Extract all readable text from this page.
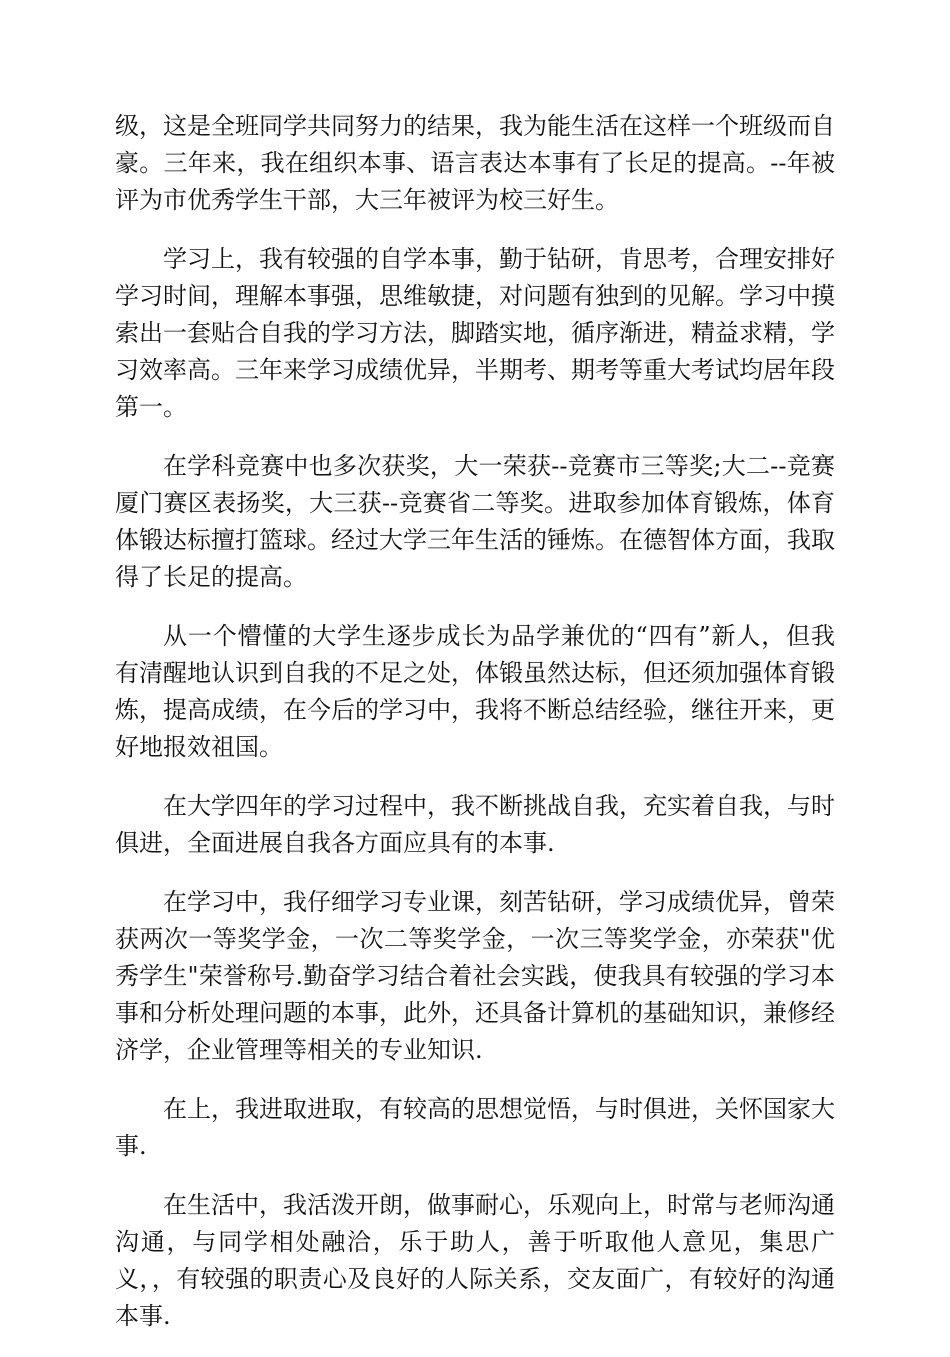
级，这是全班同学共同努力的结果，我为能生活在这样一个班级而自豪。三年来，我在组织本事、语言表达本事有了长足的提高。--年被评为市优秀学生干部，大三年被评为校三好生。

学习上，我有较强的自学本事，勤于钻研，肯思考，合理安排好学习时间，理解本事强，思维敏捷，对问题有独到的见解。学习中摸索出一套贴合自我的学习方法，脚踏实地，循序渐进，精益求精，学习效率高。三年来学习成绩优异，半期考、期考等重大考试均居年段第一。

在学科竞赛中也多次获奖，大一荣获--竞赛市三等奖;大二--竞赛厦门赛区表扬奖，大三获--竞赛省二等奖。进取参加体育锻炼，体育体锻达标擅打篮球。经过大学三年生活的锤炼。在德智体方面，我取得了长足的提高。

从一个懵懂的大学生逐步成长为品学兼优的“四有”新人，但我有清醒地认识到自我的不足之处，体锻虽然达标，但还须加强体育锻炼，提高成绩，在今后的学习中，我将不断总结经验，继往开来，更好地报效祖国。

在大学四年的学习过程中，我不断挑战自我，充实着自我，与时俱进，全面进展自我各方面应具有的本事.

在学习中，我仔细学习专业课，刻苦钻研，学习成绩优异，曾荣获两次一等奖学金，一次二等奖学金，一次三等奖学金，亦荣获"优秀学生"荣誉称号.勤奋学习结合着社会实践，使我具有较强的学习本事和分析处理问题的本事，此外，还具备计算机的基础知识，兼修经济学，企业管理等相关的专业知识.

在上，我进取进取，有较高的思想觉悟，与时俱进，关怀国家大事.

在生活中，我活泼开朗，做事耐心，乐观向上，时常与老师沟通沟通，与同学相处融洽，乐于助人，善于听取他人意见，集思广义，，有较强的职责心及良好的人际关系，交友面广，有较好的沟通本事.
